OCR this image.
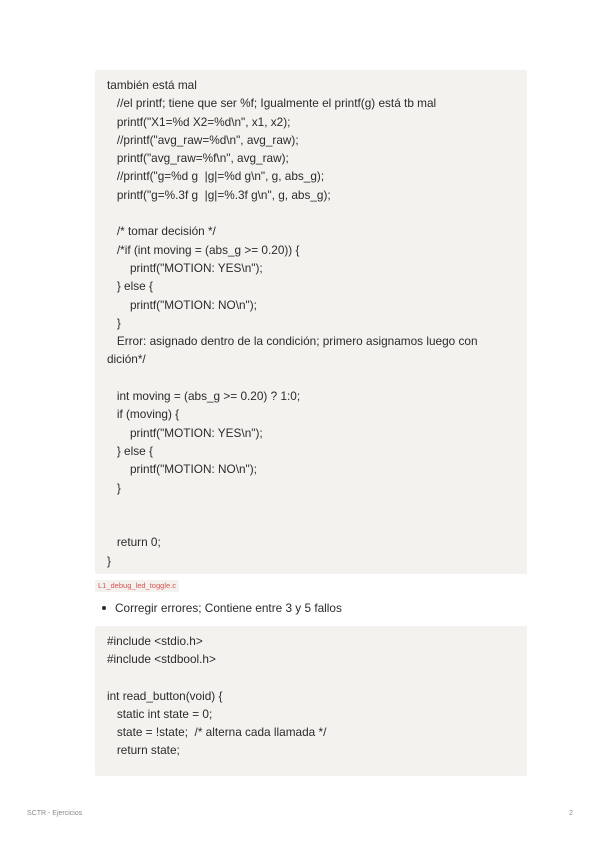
también está mal
//el printf; tiene que ser %f; Igualmente el printf(g) está tb mal
printf("X1=%d X2=%d\n", x1, x2);
//printf("avg_raw=%d\n", avg_raw);
printf("avg_raw=%f\n", avg_raw);
//printf("g=%d g  |g|=%d g\n", g, abs_g);
printf("g=%.3f g  |g|=%.3f g\n", g, abs_g);
/* tomar decisión */
/*if (int moving = (abs_g >= 0.20)) {
printf("MOTION: YES\n");
} else {
printf("MOTION: NO\n");
}
Error: asignado dentro de la condición; primero asignamos luego con
dición*/
int moving = (abs_g >= 0.20) ? 1:0;
if (moving) {
printf("MOTION: YES\n");
} else {
printf("MOTION: NO\n");
}
return 0;
}
L1_debug_led_toggle.c
Corregir errores; Contiene entre 3 y 5 fallos
#include <stdio.h>
#include <stdbool.h>
int read_button(void) {
static int state = 0;
state = !state;  /* alterna cada llamada */
return state;
SCTR - Ejercicios	2
